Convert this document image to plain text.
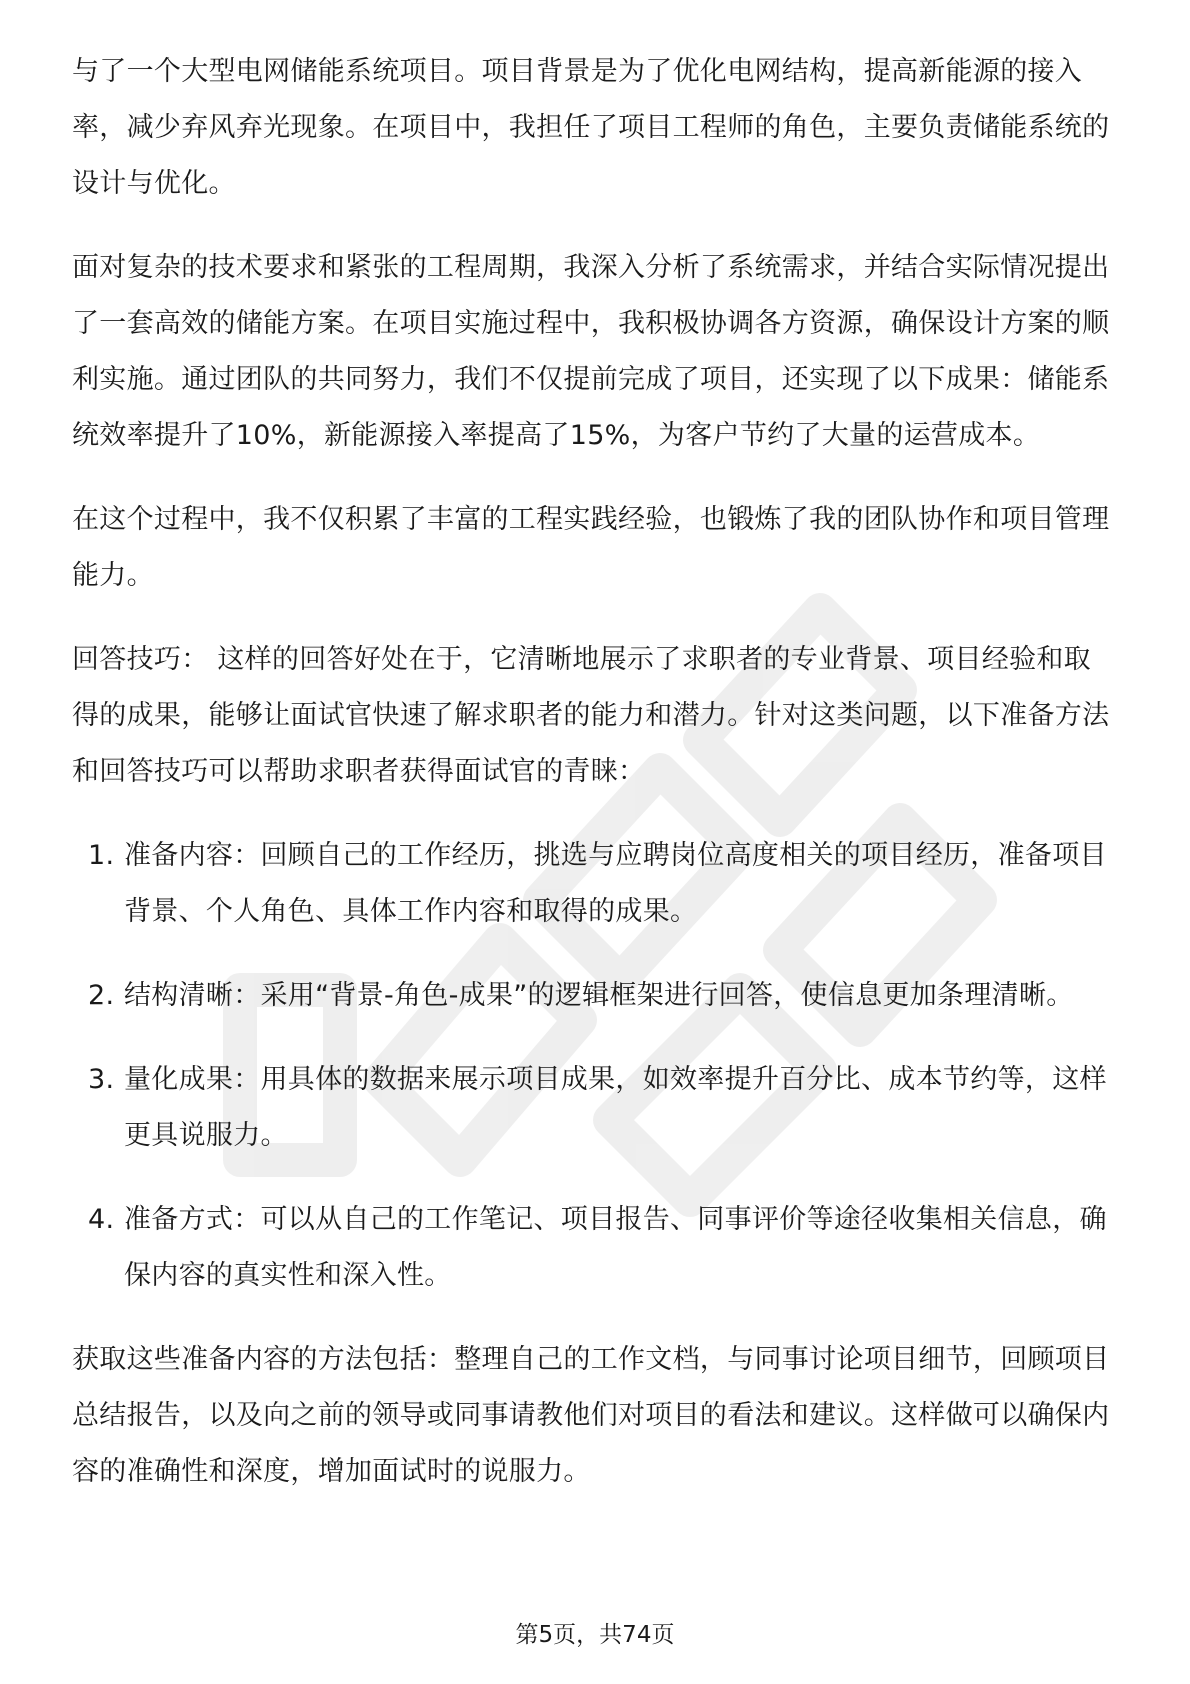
与了一个大型电网储能系统项目。项目背景是为了优化电网结构，提高新能源的接入率，减少弃风弃光现象。在项目中，我担任了项目工程师的角色，主要负责储能系统的设计与优化。

面对复杂的技术要求和紧张的工程周期，我深入分析了系统需求，并结合实际情况提出了一套高效的储能方案。在项目实施过程中，我积极协调各方资源，确保设计方案的顺利实施。通过团队的共同努力，我们不仅提前完成了项目，还实现了以下成果：储能系统效率提升了10%，新能源接入率提高了15%，为客户节约了大量的运营成本。

在这个过程中，我不仅积累了丰富的工程实践经验，也锻炼了我的团队协作和项目管理能力。

回答技巧： 这样的回答好处在于，它清晰地展示了求职者的专业背景、项目经验和取得的成果，能够让面试官快速了解求职者的能力和潜力。针对这类问题，以下准备方法和回答技巧可以帮助求职者获得面试官的青睐：

1. 准备内容：回顾自己的工作经历，挑选与应聘岗位高度相关的项目经历，准备项目背景、个人角色、具体工作内容和取得的成果。
2. 结构清晰：采用“背景-角色-成果”的逻辑框架进行回答，使信息更加条理清晰。
3. 量化成果：用具体的数据来展示项目成果，如效率提升百分比、成本节约等，这样更具说服力。
4. 准备方式：可以从自己的工作笔记、项目报告、同事评价等途径收集相关信息，确保内容的真实性和深入性。

获取这些准备内容的方法包括：整理自己的工作文档，与同事讨论项目细节，回顾项目总结报告，以及向之前的领导或同事请教他们对项目的看法和建议。这样做可以确保内容的准确性和深度，增加面试时的说服力。

第5页，共74页
